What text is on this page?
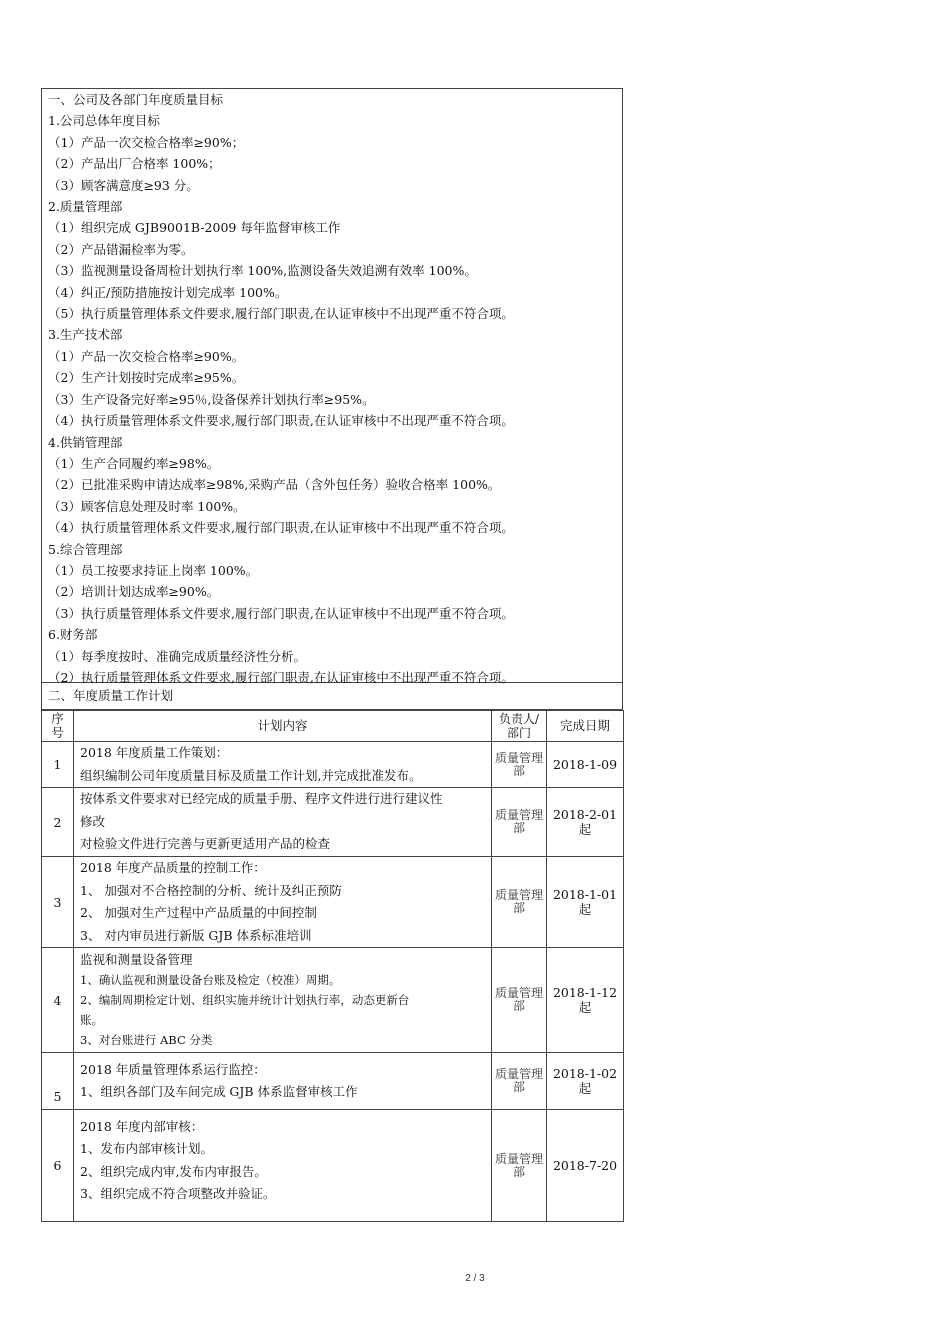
一、公司及各部门年度质量目标
1.公司总体年度目标
（1）产品一次交检合格率≥90%；
（2）产品出厂合格率 100%；
（3）顾客满意度≥93 分。
2.质量管理部
（1）组织完成 GJB9001B-2009 每年监督审核工作
（2）产品错漏检率为零。
（3）监视测量设备周检计划执行率 100%,监测设备失效追溯有效率 100%。
（4）纠正/预防措施按计划完成率 100%。
（5）执行质量管理体系文件要求,履行部门职责,在认证审核中不出现严重不符合项。
3.生产技术部
（1）产品一次交检合格率≥90%。
（2）生产计划按时完成率≥95%。
（3）生产设备完好率≥95％,设备保养计划执行率≥95%。
（4）执行质量管理体系文件要求,履行部门职责,在认证审核中不出现严重不符合项。
4.供销管理部
（1）生产合同履约率≥98%。
（2）已批准采购申请达成率≥98%,采购产品（含外包任务）验收合格率 100%。
（3）顾客信息处理及时率 100%。
（4）执行质量管理体系文件要求,履行部门职责,在认证审核中不出现严重不符合项。
5.综合管理部
（1）员工按要求持证上岗率 100%。
（2）培训计划达成率≥90%。
（3）执行质量管理体系文件要求,履行部门职责,在认证审核中不出现严重不符合项。
6.财务部
（1）每季度按时、准确完成质量经济性分析。
（2）执行质量管理体系文件要求,履行部门职责,在认证审核中不出现严重不符合项。
二、年度质量工作计划
序号	计划内容	负责人/部门	完成日期
1	2018 年度质量工作策划：
组织编制公司年度质量目标及质量工作计划,并完成批准发布。	质量管理部	2018-1-09
2	按体系文件要求对已经完成的质量手册、程序文件进行进行建议性
修改
对检验文件进行完善与更新更适用产品的检查	质量管理部	2018-2-01 起
3	2018 年度产品质量的控制工作：
1、 加强对不合格控制的分析、统计及纠正预防
2、 加强对生产过程中产品质量的中间控制
3、 对内审员进行新版 GJB 体系标准培训	质量管理部	2018-1-01 起
4	监视和测量设备管理
1、确认监视和测量设备台账及检定（校准）周期。
2、编制周期检定计划、组织实施并统计计划执行率，动态更新台
账。
3、对台账进行 ABC 分类	质量管理部	2018-1-12 起
5	2018 年质量管理体系运行监控：
1、组织各部门及车间完成 GJB 体系监督审核工作	质量管理部	2018-1-02 起
6	2018 年度内部审核：
1、发布内部审核计划。
2、组织完成内审,发布内审报告。
3、组织完成不符合项整改并验证。	质量管理部	2018-7-20
2 / 3
